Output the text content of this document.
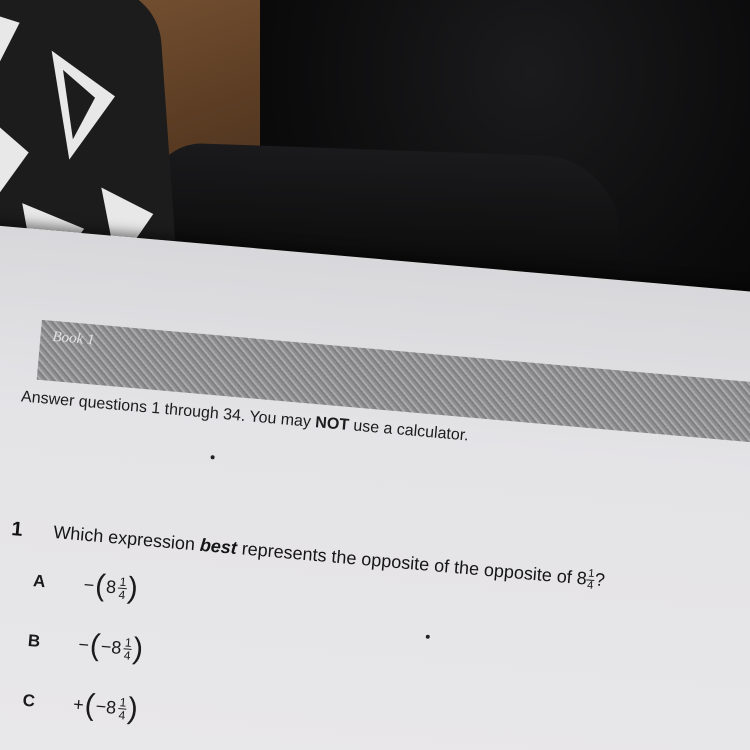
Book 1
Answer questions 1 through 34. You may NOT use a calculator.
1 Which expression best represents the opposite of the opposite of 8
$\frac{1}{4}$?
A −
(
$8 \frac{1}{4}$
)
B −
(
$-8 \frac{1}{4}$
)
C +
(
$-8 \frac{1}{4}$
)
